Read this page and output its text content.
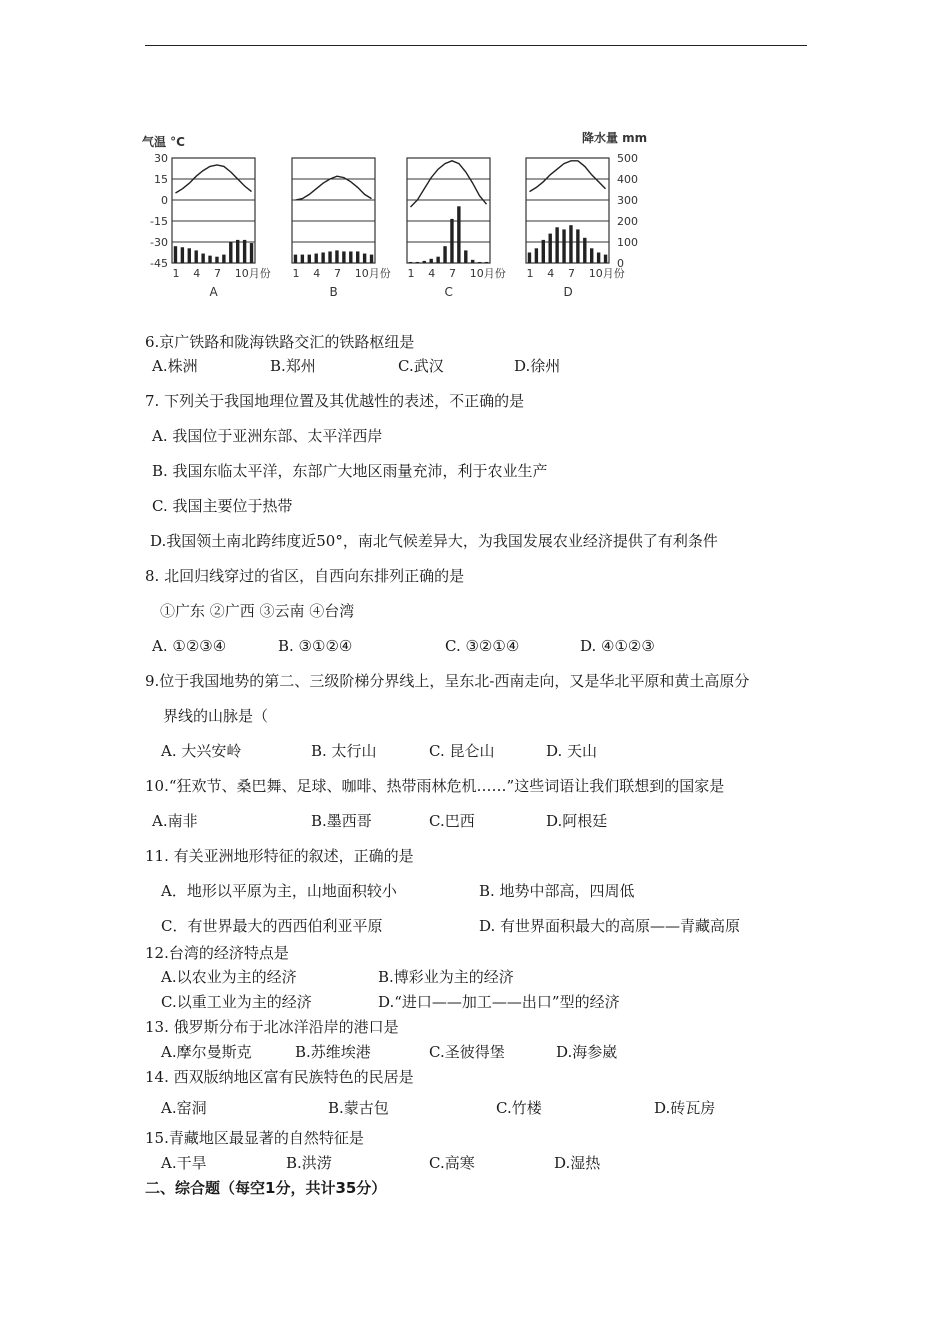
气温 °C	降水量 mm
30
15
0
-15
-30
-45
500
400
300
200
100
0
1 4 7 10月份
A
1 4 7 10月份
B
1 4 7 10月份
C
1 4 7 10月份
D
6.京广铁路和陇海铁路交汇的铁路枢纽是
A.株洲	B.郑州	C.武汉	D.徐州
7. 下列关于我国地理位置及其优越性的表述，不正确的是
A. 我国位于亚洲东部、太平洋西岸
B. 我国东临太平洋，东部广大地区雨量充沛，利于农业生产
C. 我国主要位于热带
D.我国领土南北跨纬度近50°，南北气候差异大，为我国发展农业经济提供了有利条件
8. 北回归线穿过的省区，自西向东排列正确的是
①广东 ②广西 ③云南 ④台湾
A. ①②③④	B. ③①②④	C. ③②①④	D. ④①②③
9.位于我国地势的第二、三级阶梯分界线上，呈东北-西南走向，又是华北平原和黄土高原分
界线的山脉是（
A. 大兴安岭	B. 太行山	C. 昆仑山	D. 天山
10.“狂欢节、桑巴舞、足球、咖啡、热带雨林危机……”这些词语让我们联想到的国家是
A.南非	B.墨西哥	C.巴西	D.阿根廷
11. 有关亚洲地形特征的叙述，正确的是
A．地形以平原为主，山地面积较小	B. 地势中部高，四周低
C．有世界最大的西西伯利亚平原	D. 有世界面积最大的高原——青藏高原
12.台湾的经济特点是
A.以农业为主的经济	B.博彩业为主的经济
C.以重工业为主的经济	D.“进口——加工——出口”型的经济
13. 俄罗斯分布于北冰洋沿岸的港口是
A.摩尔曼斯克	B.苏维埃港	C.圣彼得堡	D.海参崴
14. 西双版纳地区富有民族特色的民居是
A.窑洞	B.蒙古包	C.竹楼	D.砖瓦房
15.青藏地区最显著的自然特征是
A.干旱	B.洪涝	C.高寒	D.湿热
二、综合题（每空1分，共计35分）
